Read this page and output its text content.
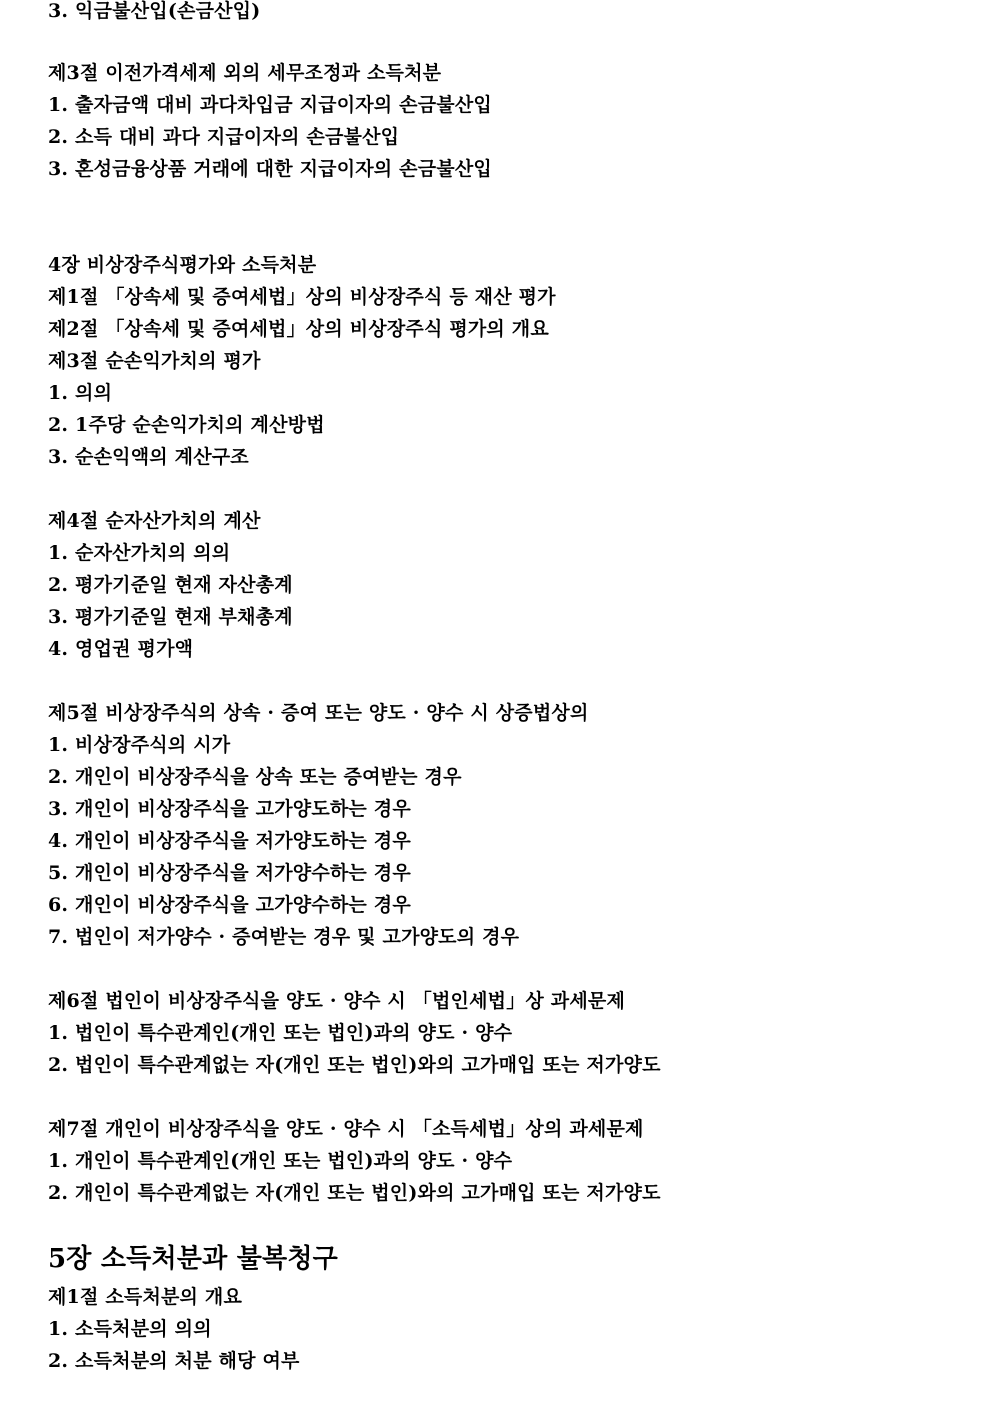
3. 익금불산입(손금산입)
제3절 이전가격세제 외의 세무조정과 소득처분
1. 출자금액 대비 과다차입금 지급이자의 손금불산입
2. 소득 대비 과다 지급이자의 손금불산입
3. 혼성금융상품 거래에 대한 지급이자의 손금불산입
4장 비상장주식평가와 소득처분
제1절 「상속세 및 증여세법」상의 비상장주식 등 재산 평가
제2절 「상속세 및 증여세법」상의 비상장주식 평가의 개요
제3절 순손익가치의 평가
1. 의의
2. 1주당 순손익가치의 계산방법
3. 순손익액의 계산구조
제4절 순자산가치의 계산
1. 순자산가치의 의의
2. 평가기준일 현재 자산총계
3. 평가기준일 현재 부채총계
4. 영업권 평가액
제5절 비상장주식의 상속 · 증여 또는 양도 · 양수 시 상증법상의
1. 비상장주식의 시가
2. 개인이 비상장주식을 상속 또는 증여받는 경우
3. 개인이 비상장주식을 고가양도하는 경우
4. 개인이 비상장주식을 저가양도하는 경우
5. 개인이 비상장주식을 저가양수하는 경우
6. 개인이 비상장주식을 고가양수하는 경우
7. 법인이 저가양수 · 증여받는 경우 및 고가양도의 경우
제6절 법인이 비상장주식을 양도 · 양수 시 「법인세법」상 과세문제
1. 법인이 특수관계인(개인 또는 법인)과의 양도 · 양수
2. 법인이 특수관계없는 자(개인 또는 법인)와의 고가매입 또는 저가양도
제7절 개인이 비상장주식을 양도 · 양수 시 「소득세법」상의 과세문제
1. 개인이 특수관계인(개인 또는 법인)과의 양도 · 양수
2. 개인이 특수관계없는 자(개인 또는 법인)와의 고가매입 또는 저가양도
5장 소득처분과 불복청구
제1절 소득처분의 개요
1. 소득처분의 의의
2. 소득처분의 처분 해당 여부
